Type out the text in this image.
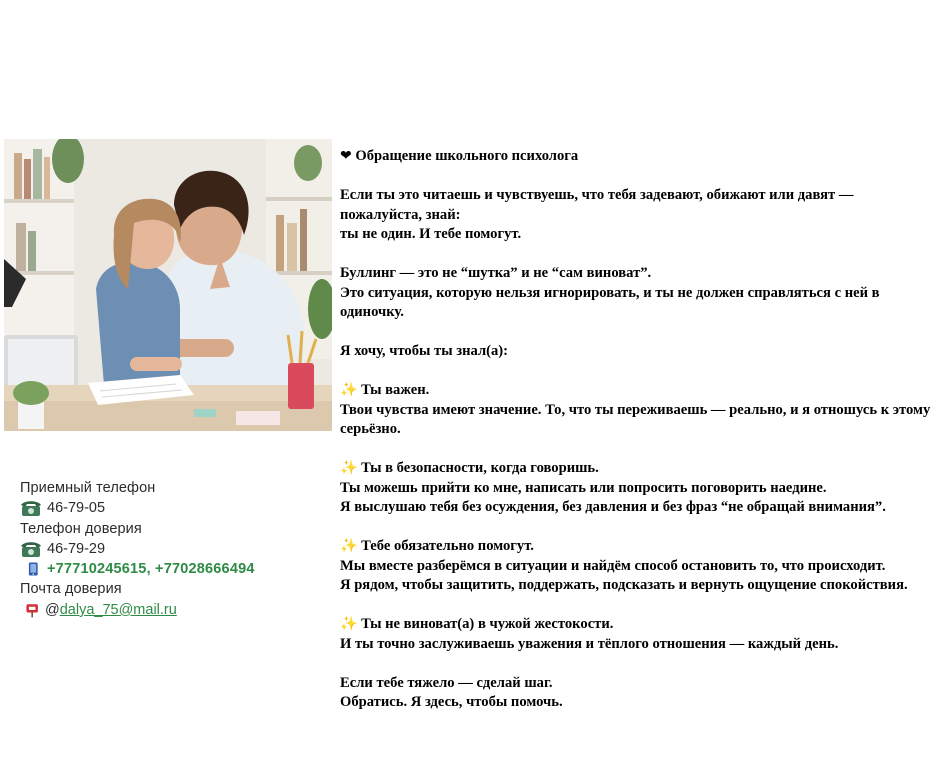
Приемный телефон
46-79-05
Телефон доверия
46-79-29
+77710245615, +77028666494
Почта доверия
@ dalya_75@mail.ru

❤ Обращение школьного психолога

Если ты это читаешь и чувствуешь, что тебя задевают, обижают или давят — пожалуйста, знай:

ты не один. И тебе помогут.

Буллинг — это не “шутка” и не “сам виноват”.

Это ситуация, которую нельзя игнорировать, и ты не должен справляться с ней в одиночку.

Я хочу, чтобы ты знал(а):

✨ Ты важен.

Твои чувства имеют значение. То, что ты переживаешь — реально, и я отношусь к этому серьёзно.

✨ Ты в безопасности, когда говоришь.

Ты можешь прийти ко мне, написать или попросить поговорить наедине.

Я выслушаю тебя без осуждения, без давления и без фраз “не обращай внимания”.

✨ Тебе обязательно помогут.

Мы вместе разберёмся в ситуации и найдём способ остановить то, что происходит.

Я рядом, чтобы защитить, поддержать, подсказать и вернуть ощущение спокойствия.

✨ Ты не виноват(а) в чужой жестокости.

И ты точно заслуживаешь уважения и тёплого отношения — каждый день.

Если тебе тяжело — сделай шаг.

Обратись. Я здесь, чтобы помочь.
